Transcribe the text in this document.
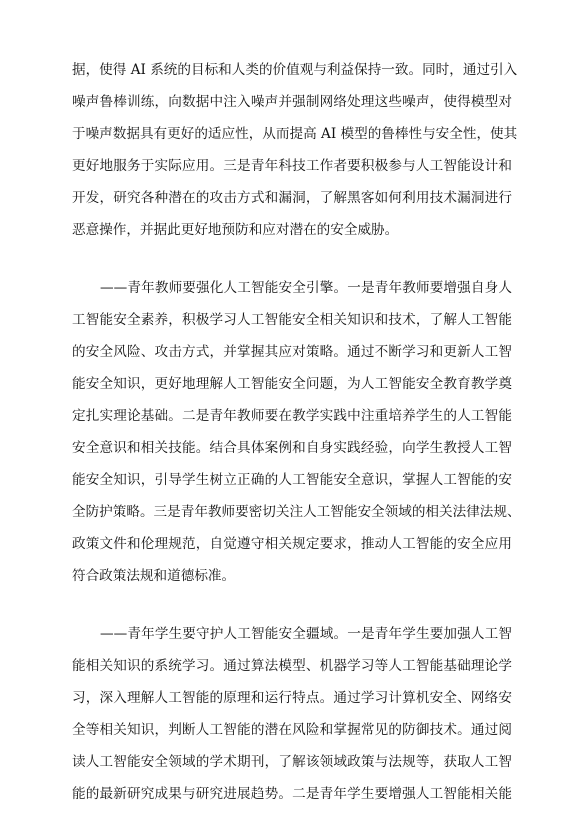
据，使得 AI 系统的目标和人类的价值观与利益保持一致。同时，通过引入
噪声鲁棒训练，向数据中注入噪声并强制网络处理这些噪声，使得模型对
于噪声数据具有更好的适应性，从而提高 AI 模型的鲁棒性与安全性，使其
更好地服务于实际应用。三是青年科技工作者要积极参与人工智能设计和
开发，研究各种潜在的攻击方式和漏洞，了解黑客如何利用技术漏洞进行
恶意操作，并据此更好地预防和应对潜在的安全威胁。
——青年教师要强化人工智能安全引擎。一是青年教师要增强自身人
工智能安全素养，积极学习人工智能安全相关知识和技术，了解人工智能
的安全风险、攻击方式，并掌握其应对策略。通过不断学习和更新人工智
能安全知识，更好地理解人工智能安全问题，为人工智能安全教育教学奠
定扎实理论基础。二是青年教师要在教学实践中注重培养学生的人工智能
安全意识和相关技能。结合具体案例和自身实践经验，向学生教授人工智
能安全知识，引导学生树立正确的人工智能安全意识，掌握人工智能的安
全防护策略。三是青年教师要密切关注人工智能安全领域的相关法律法规、
政策文件和伦理规范，自觉遵守相关规定要求，推动人工智能的安全应用
符合政策法规和道德标准。
——青年学生要守护人工智能安全疆域。一是青年学生要加强人工智
能相关知识的系统学习。通过算法模型、机器学习等人工智能基础理论学
习，深入理解人工智能的原理和运行特点。通过学习计算机安全、网络安
全等相关知识，判断人工智能的潜在风险和掌握常见的防御技术。通过阅
读人工智能安全领域的学术期刊，了解该领域政策与法规等，获取人工智
能的最新研究成果与研究进展趋势。二是青年学生要增强人工智能相关能
